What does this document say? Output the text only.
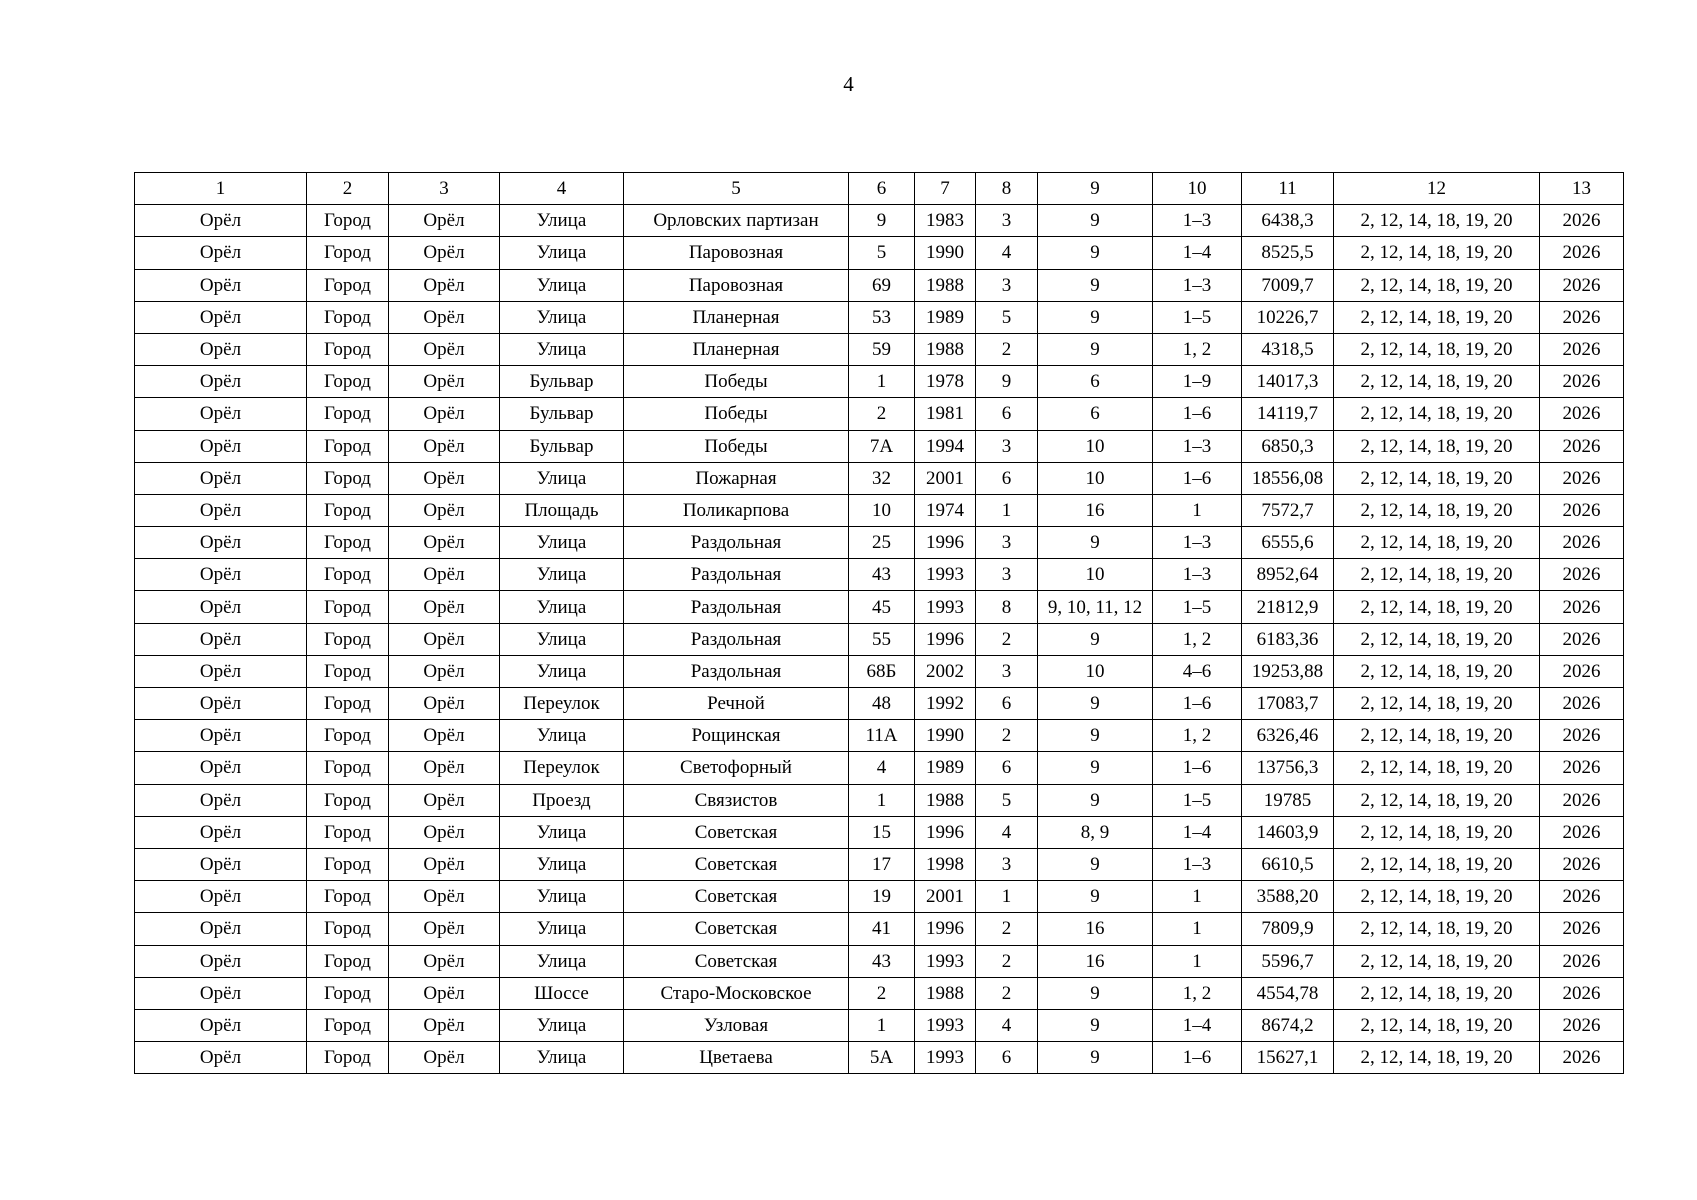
4
1	2	3	4	5	6	7	8	9	10	11	12	13
Орёл	Город	Орёл	Улица	Орловских партизан	9	1983	3	9	1–3	6438,3	2, 12, 14, 18, 19, 20	2026
Орёл	Город	Орёл	Улица	Паровозная	5	1990	4	9	1–4	8525,5	2, 12, 14, 18, 19, 20	2026
Орёл	Город	Орёл	Улица	Паровозная	69	1988	3	9	1–3	7009,7	2, 12, 14, 18, 19, 20	2026
Орёл	Город	Орёл	Улица	Планерная	53	1989	5	9	1–5	10226,7	2, 12, 14, 18, 19, 20	2026
Орёл	Город	Орёл	Улица	Планерная	59	1988	2	9	1, 2	4318,5	2, 12, 14, 18, 19, 20	2026
Орёл	Город	Орёл	Бульвар	Победы	1	1978	9	6	1–9	14017,3	2, 12, 14, 18, 19, 20	2026
Орёл	Город	Орёл	Бульвар	Победы	2	1981	6	6	1–6	14119,7	2, 12, 14, 18, 19, 20	2026
Орёл	Город	Орёл	Бульвар	Победы	7А	1994	3	10	1–3	6850,3	2, 12, 14, 18, 19, 20	2026
Орёл	Город	Орёл	Улица	Пожарная	32	2001	6	10	1–6	18556,08	2, 12, 14, 18, 19, 20	2026
Орёл	Город	Орёл	Площадь	Поликарпова	10	1974	1	16	1	7572,7	2, 12, 14, 18, 19, 20	2026
Орёл	Город	Орёл	Улица	Раздольная	25	1996	3	9	1–3	6555,6	2, 12, 14, 18, 19, 20	2026
Орёл	Город	Орёл	Улица	Раздольная	43	1993	3	10	1–3	8952,64	2, 12, 14, 18, 19, 20	2026
Орёл	Город	Орёл	Улица	Раздольная	45	1993	8	9, 10, 11, 12	1–5	21812,9	2, 12, 14, 18, 19, 20	2026
Орёл	Город	Орёл	Улица	Раздольная	55	1996	2	9	1, 2	6183,36	2, 12, 14, 18, 19, 20	2026
Орёл	Город	Орёл	Улица	Раздольная	68Б	2002	3	10	4–6	19253,88	2, 12, 14, 18, 19, 20	2026
Орёл	Город	Орёл	Переулок	Речной	48	1992	6	9	1–6	17083,7	2, 12, 14, 18, 19, 20	2026
Орёл	Город	Орёл	Улица	Рощинская	11А	1990	2	9	1, 2	6326,46	2, 12, 14, 18, 19, 20	2026
Орёл	Город	Орёл	Переулок	Светофорный	4	1989	6	9	1–6	13756,3	2, 12, 14, 18, 19, 20	2026
Орёл	Город	Орёл	Проезд	Связистов	1	1988	5	9	1–5	19785	2, 12, 14, 18, 19, 20	2026
Орёл	Город	Орёл	Улица	Советская	15	1996	4	8, 9	1–4	14603,9	2, 12, 14, 18, 19, 20	2026
Орёл	Город	Орёл	Улица	Советская	17	1998	3	9	1–3	6610,5	2, 12, 14, 18, 19, 20	2026
Орёл	Город	Орёл	Улица	Советская	19	2001	1	9	1	3588,20	2, 12, 14, 18, 19, 20	2026
Орёл	Город	Орёл	Улица	Советская	41	1996	2	16	1	7809,9	2, 12, 14, 18, 19, 20	2026
Орёл	Город	Орёл	Улица	Советская	43	1993	2	16	1	5596,7	2, 12, 14, 18, 19, 20	2026
Орёл	Город	Орёл	Шоссе	Старо-Московское	2	1988	2	9	1, 2	4554,78	2, 12, 14, 18, 19, 20	2026
Орёл	Город	Орёл	Улица	Узловая	1	1993	4	9	1–4	8674,2	2, 12, 14, 18, 19, 20	2026
Орёл	Город	Орёл	Улица	Цветаева	5А	1993	6	9	1–6	15627,1	2, 12, 14, 18, 19, 20	2026
